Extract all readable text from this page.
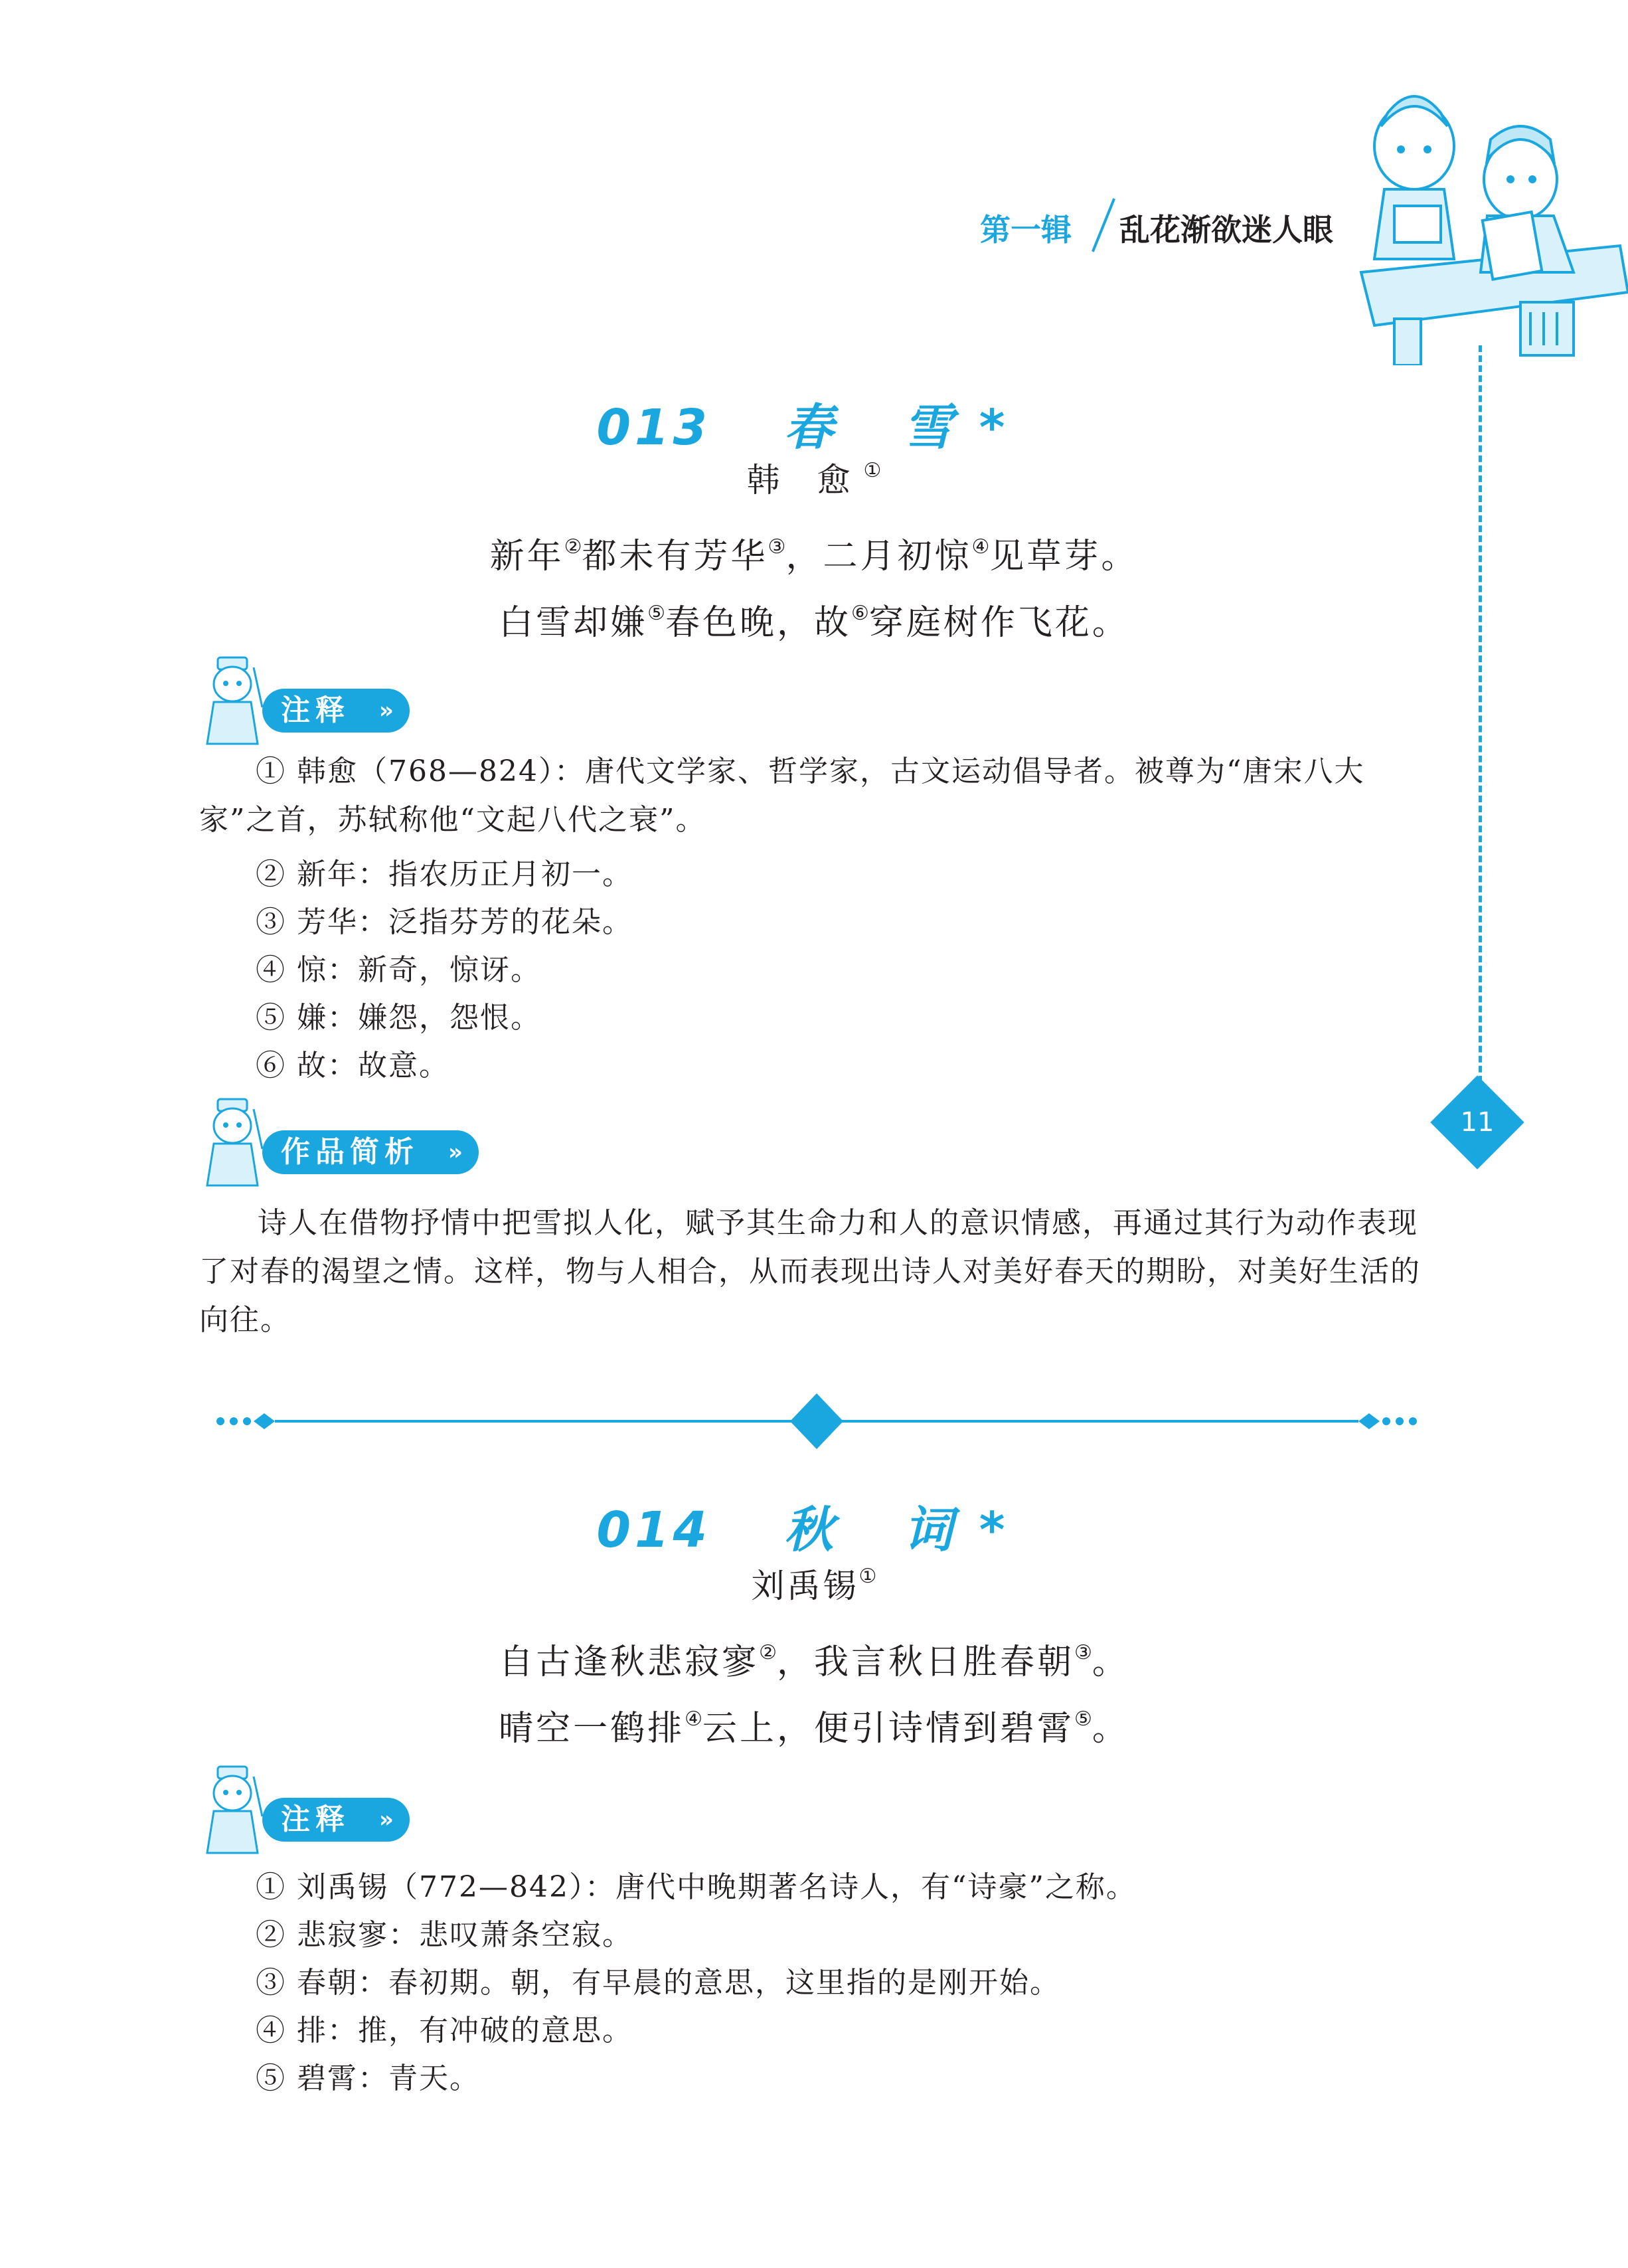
第一辑 乱花渐欲迷人眼
11
013 春 雪*
韩 愈①
新年②都未有芳华③，二月初惊④见草芽。
白雪却嫌⑤春色晚，故⑥穿庭树作飞花。
注释 »
① 韩愈（768—824）：唐代文学家、哲学家，古文运动倡导者。被尊为“唐宋八大家”之首，苏轼称他“文起八代之衰”。
② 新年：指农历正月初一。
③ 芳华：泛指芬芳的花朵。
④ 惊：新奇，惊讶。
⑤ 嫌：嫌怨，怨恨。
⑥ 故：故意。
作品简析 »
诗人在借物抒情中把雪拟人化，赋予其生命力和人的意识情感，再通过其行为动作表现了对春的渴望之情。这样，物与人相合，从而表现出诗人对美好春天的期盼，对美好生活的向往。
014 秋 词*
刘禹锡①
自古逢秋悲寂寥②，我言秋日胜春朝③。
晴空一鹤排④云上，便引诗情到碧霄⑤。
注释 »
① 刘禹锡（772—842）：唐代中晚期著名诗人，有“诗豪”之称。
② 悲寂寥：悲叹萧条空寂。
③ 春朝：春初期。朝，有早晨的意思，这里指的是刚开始。
④ 排：推，有冲破的意思。
⑤ 碧霄：青天。
